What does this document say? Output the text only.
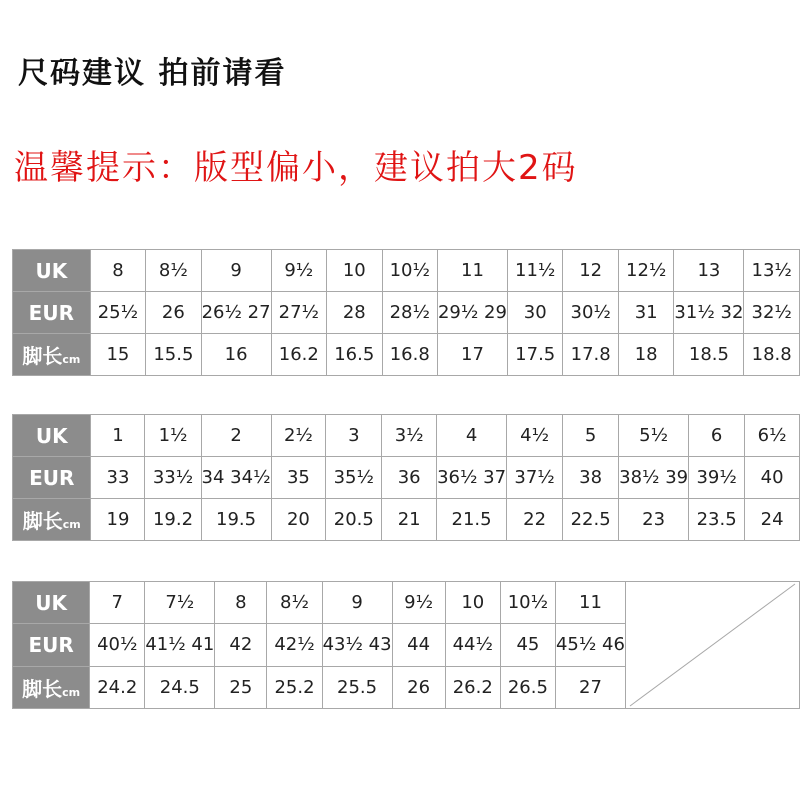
尺码建议 拍前请看
温馨提示：版型偏小，建议拍大2码
UK	8	8½	9	9½	10	10½	11	11½	12	12½	13	13½
EUR	25½	26	26½ 27	27½	28	28½	29½ 29	30	30½	31	31½ 32	32½
脚长cm	15	15.5	16	16.2	16.5	16.8	17	17.5	17.8	18	18.5	18.8
UK	1	1½	2	2½	3	3½	4	4½	5	5½	6	6½
EUR	33	33½	34 34½	35	35½	36	36½ 37	37½	38	38½ 39	39½	40
脚长cm	19	19.2	19.5	20	20.5	21	21.5	22	22.5	23	23.5	24
UK	7	7½	8	8½	9	9½	10	10½	11	

EUR	40½	41½ 41	42	42½	43½ 43	44	44½	45	45½ 46	
脚长cm	24.2	24.5	25	25.2	25.5	26	26.2	26.5	27	
